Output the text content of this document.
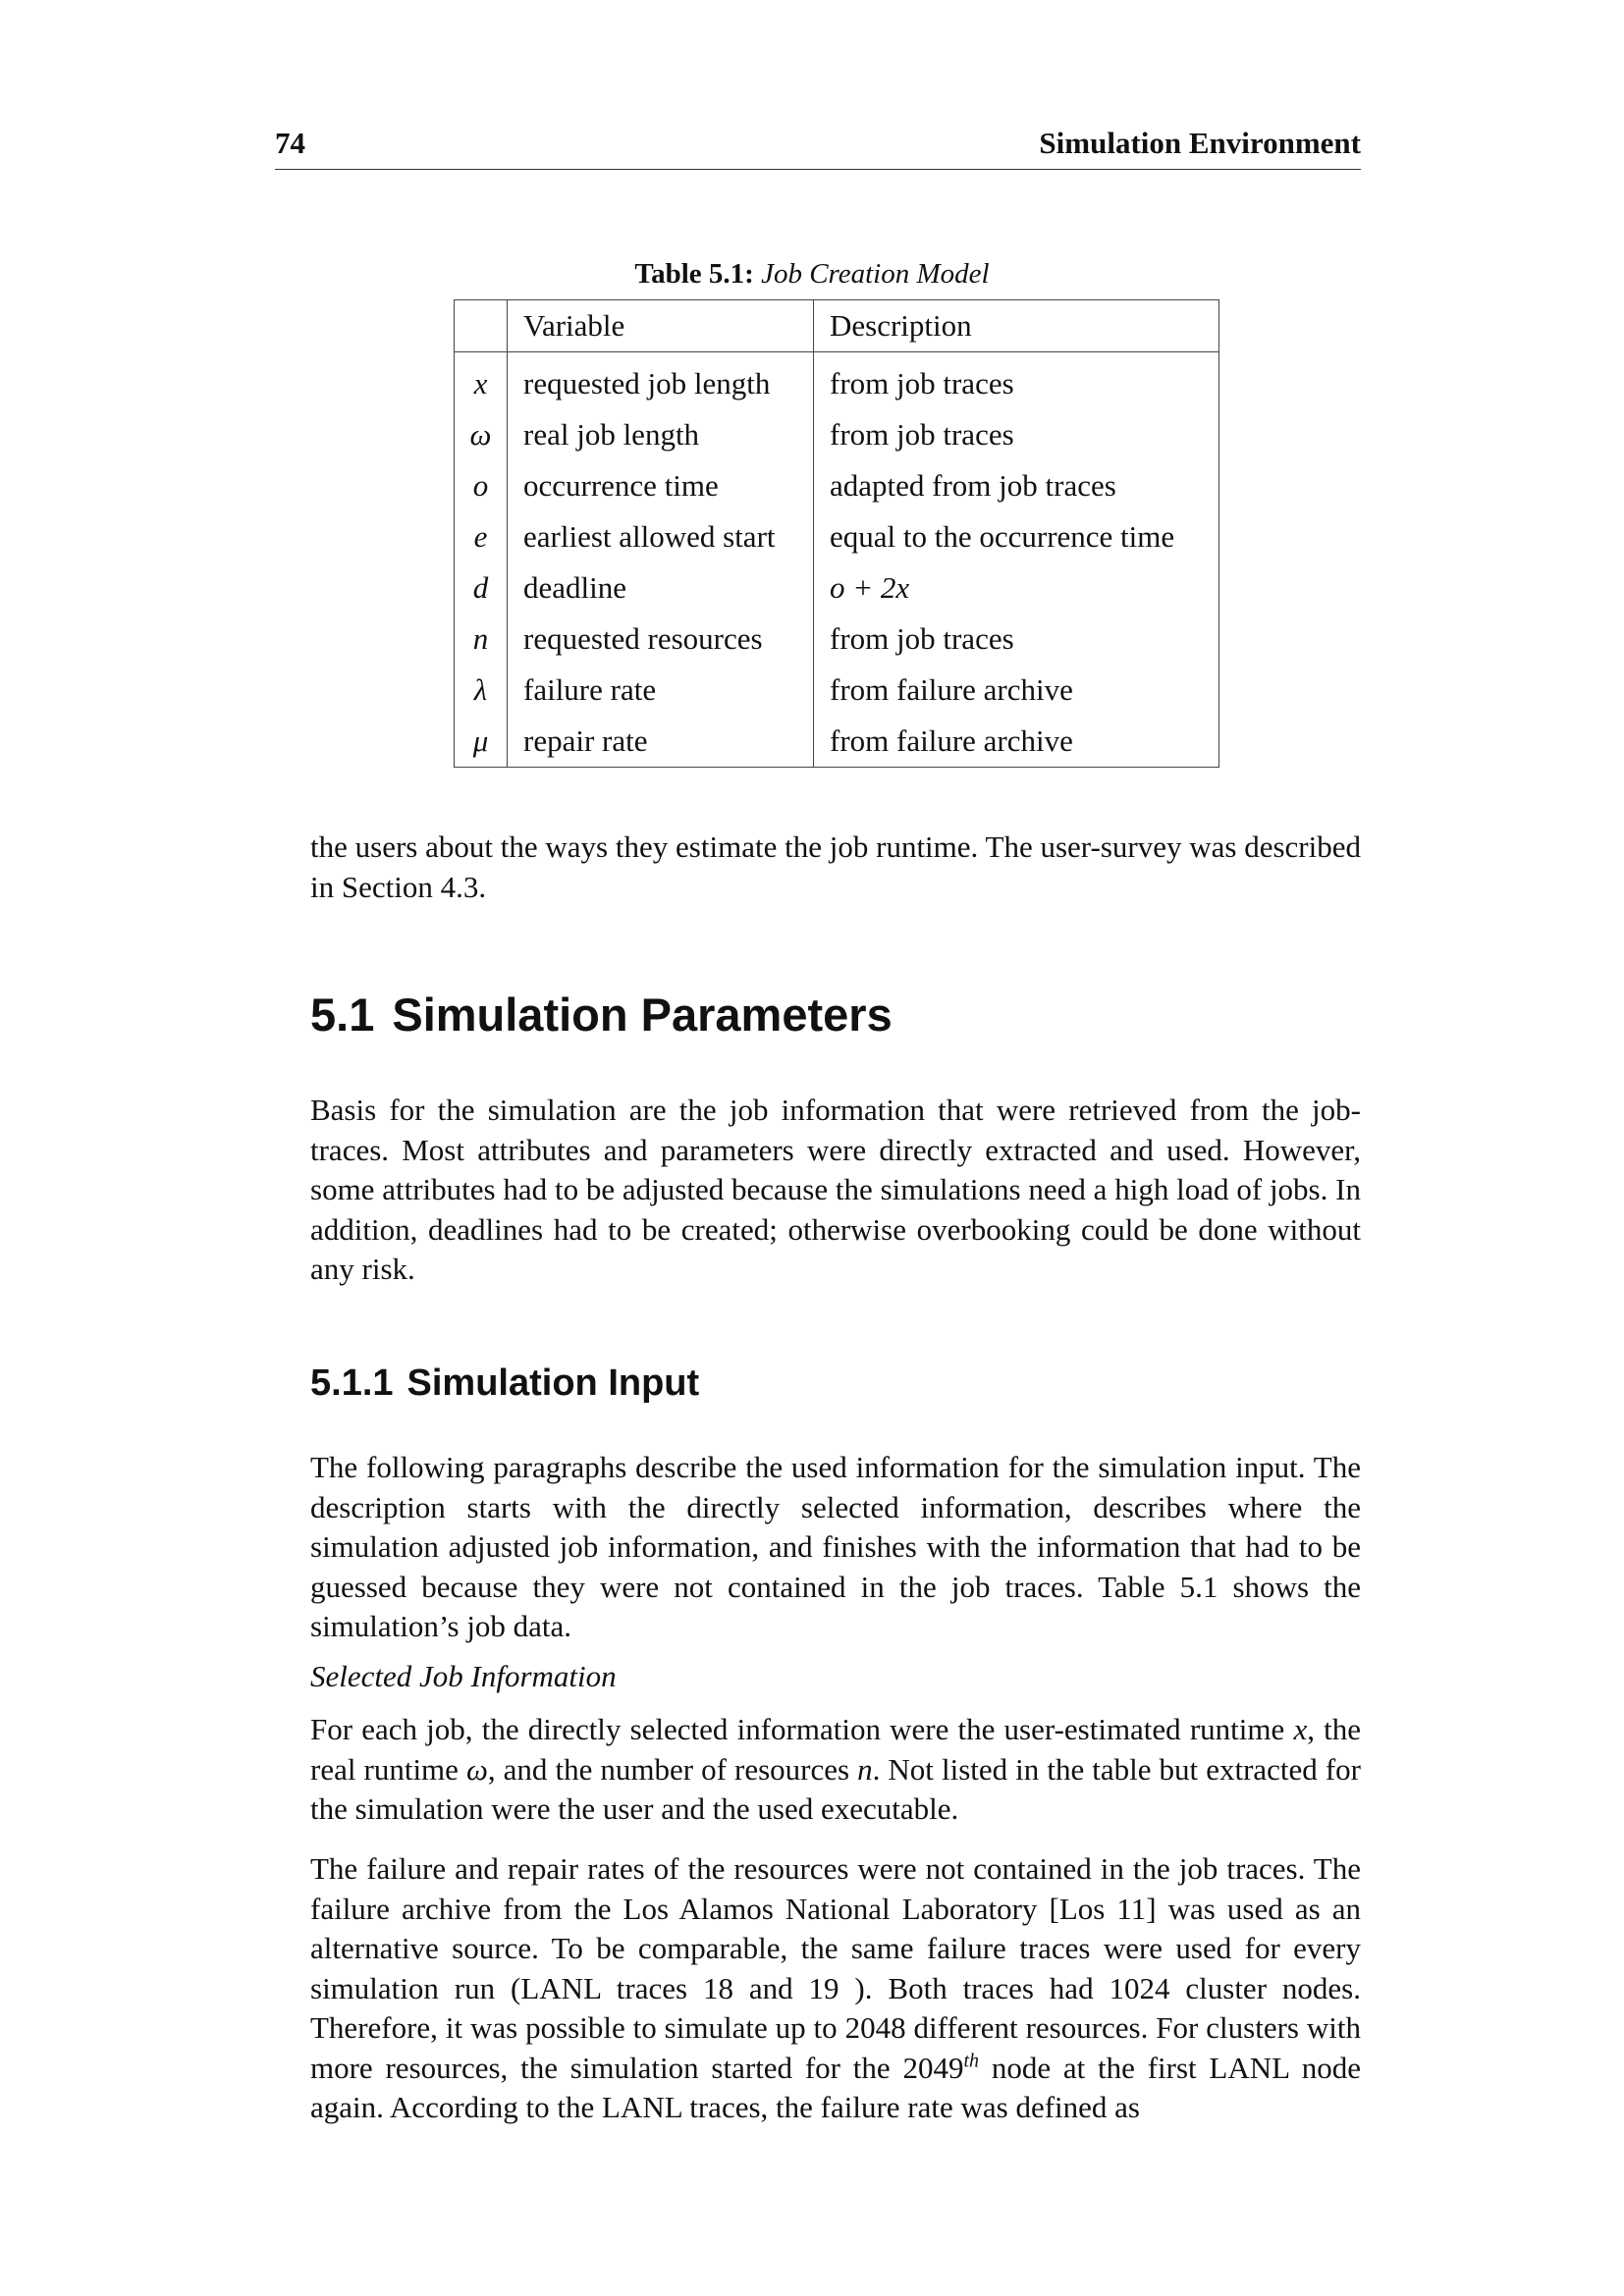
74	Simulation Environment
Table 5.1: Job Creation Model
	Variable	Description
x	requested job length	from job traces
ω	real job length	from job traces
o	occurrence time	adapted from job traces
e	earliest allowed start	equal to the occurrence time
d	deadline	o + 2x
n	requested resources	from job traces
λ	failure rate	from failure archive
μ	repair rate	from failure archive

the users about the ways they estimate the job runtime. The user-survey was described in Section 4.3.

5.1 Simulation Parameters

Basis for the simulation are the job information that were retrieved from the job-traces. Most attributes and parameters were directly extracted and used. However, some attributes had to be adjusted because the simulations need a high load of jobs. In addition, deadlines had to be created; otherwise overbooking could be done without any risk.

5.1.1 Simulation Input

The following paragraphs describe the used information for the simulation input. The description starts with the directly selected information, describes where the simulation adjusted job information, and finishes with the information that had to be guessed because they were not contained in the job traces. Table 5.1 shows the simulation’s job data.

Selected Job Information

For each job, the directly selected information were the user-estimated runtime x, the real runtime ω, and the number of resources n. Not listed in the table but extracted for the simulation were the user and the used executable.

The failure and repair rates of the resources were not contained in the job traces. The failure archive from the Los Alamos National Laboratory [Los 11] was used as an alternative source. To be comparable, the same failure traces were used for every simulation run (LANL traces 18 and 19 ). Both traces had 1024 cluster nodes. Therefore, it was possible to simulate up to 2048 different resources. For clusters with more resources, the simulation started for the 2049th node at the first LANL node again. According to the LANL traces, the failure rate was defined as
